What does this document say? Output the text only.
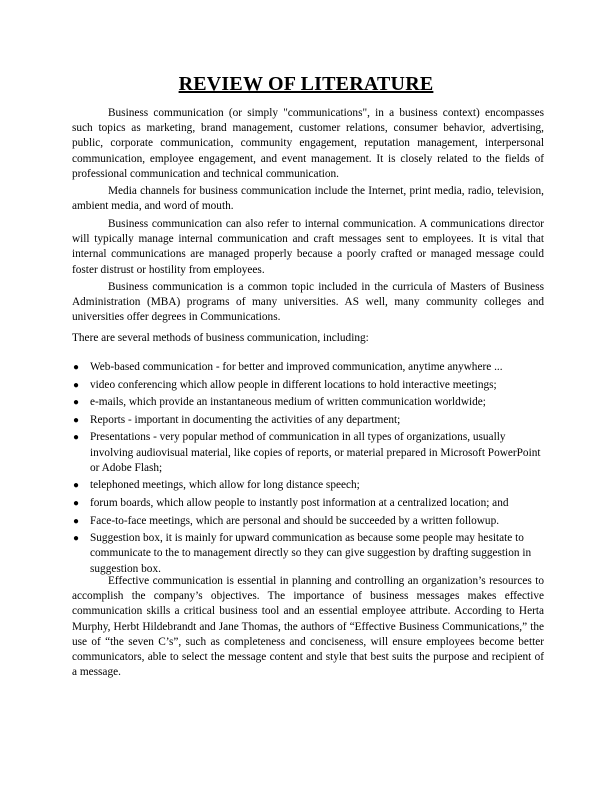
REVIEW OF LITERATURE

Business communication (or simply "communications", in a business context) encompasses such topics as marketing, brand management, customer relations, consumer behavior, advertising, public, corporate communication, community engagement, reputation management, interpersonal communication, employee engagement, and event management. It is closely related to the fields of professional communication and technical communication.

Media channels for business communication include the Internet, print media, radio, television, ambient media, and word of mouth.

Business communication can also refer to internal communication. A communications director will typically manage internal communication and craft messages sent to employees. It is vital that internal communications are managed properly because a poorly crafted or managed message could foster distrust or hostility from employees.

Business communication is a common topic included in the curricula of Masters of Business Administration (MBA) programs of many universities. AS well, many community colleges and universities offer degrees in Communications.

There are several methods of business communication, including:

● Web-based communication - for better and improved communication, anytime anywhere ...
● video conferencing which allow people in different locations to hold interactive meetings;
● e-mails, which provide an instantaneous medium of written communication worldwide;
● Reports - important in documenting the activities of any department;
● Presentations - very popular method of communication in all types of organizations, usually involving audiovisual material, like copies of reports, or material prepared in Microsoft PowerPoint or Adobe Flash;
● telephoned meetings, which allow for long distance speech;
● forum boards, which allow people to instantly post information at a centralized location; and
● Face-to-face meetings, which are personal and should be succeeded by a written followup.
● Suggestion box, it is mainly for upward communication as because some people may hesitate to communicate to the to management directly so they can give suggestion by drafting suggestion in suggestion box.

Effective communication is essential in planning and controlling an organization’s resources to accomplish the company’s objectives. The importance of business messages makes effective communication skills a critical business tool and an essential employee attribute. According to Herta Murphy, Herbt Hildebrandt and Jane Thomas, the authors of “Effective Business Communications,” the use of “the seven C’s”, such as completeness and conciseness, will ensure employees become better communicators, able to select the message content and style that best suits the purpose and recipient of a message.
